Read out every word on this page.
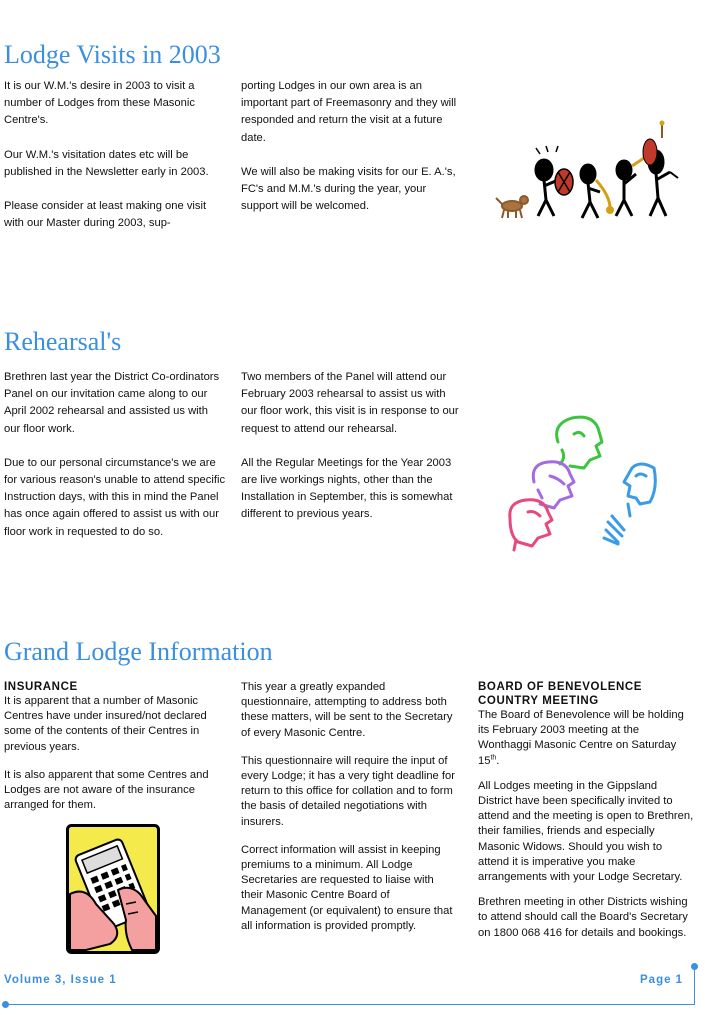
Lodge Visits in 2003

It is our W.M.'s desire in 2003 to visit a number of Lodges from these Masonic Centre's.

Our W.M.'s visitation dates etc will be published in the Newsletter early in 2003.

Please consider at least making one visit with our Master during 2003, sup-

porting Lodges in our own area is an important part of Freemasonry and they will responded and return the visit at a future date.

We will also be making visits for our E. A.'s, FC's and M.M.'s during the year, your support will be welcomed.

Rehearsal's

Brethren last year the District Co-ordinators Panel on our invitation came along to our April 2002 rehearsal and assisted us with our floor work.

Due to our personal circumstance's we are for various reason's unable to attend specific Instruction days, with this in mind the Panel has once again offered to assist us with our floor work in requested to do so.

Two members of the Panel will attend our February 2003 rehearsal to assist us with our floor work, this visit is in response to our request to attend our rehearsal.

All the Regular Meetings for the Year 2003 are live workings nights, other than the Installation in September, this is somewhat different to previous years.

Grand Lodge Information

INSURANCE

It is apparent that a number of Masonic Centres have under insured/not declared some of the contents of their Centres in previous years.

It is also apparent that some Centres and Lodges are not aware of the insurance arranged for them.

This year a greatly expanded questionnaire, attempting to address both these matters, will be sent to the Secretary of every Masonic Centre.

This questionnaire will require the input of every Lodge; it has a very tight deadline for return to this office for collation and to form the basis of detailed negotiations with insurers.

Correct information will assist in keeping premiums to a minimum. All Lodge Secretaries are requested to liaise with their Masonic Centre Board of Management (or equivalent) to ensure that all information is provided promptly.

BOARD OF BENEVOLENCE

COUNTRY MEETING

The Board of Benevolence will be holding its February 2003 meeting at the Wonthaggi Masonic Centre on Saturday 15th.

All Lodges meeting in the Gippsland District have been specifically invited to attend and the meeting is open to Brethren, their families, friends and especially Masonic Widows. Should you wish to attend it is imperative you make arrangements with your Lodge Secretary.

Brethren meeting in other Districts wishing to attend should call the Board's Secretary on 1800 068 416 for details and bookings.

Volume 3, Issue 1	Page 1
